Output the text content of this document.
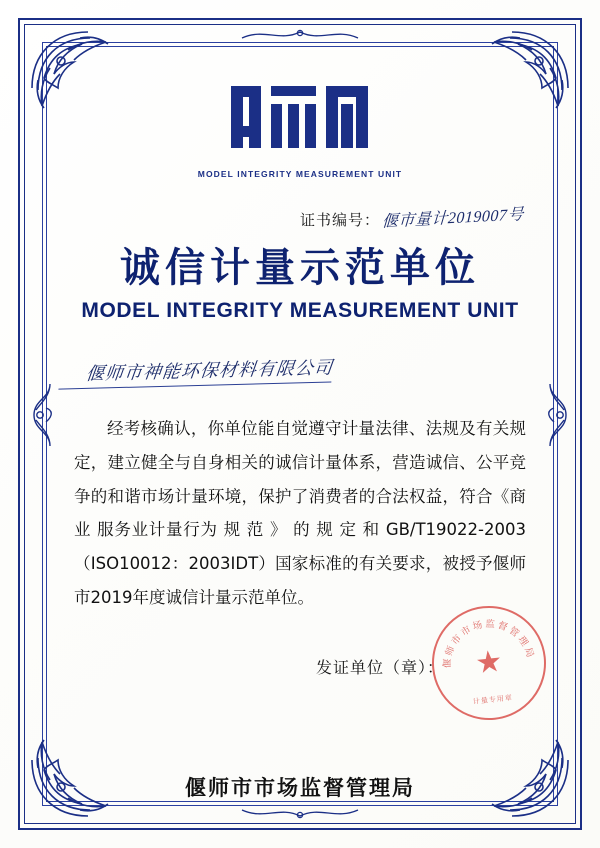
MODEL INTEGRITY MEASUREMENT UNIT
证书编号： 偃市量计2019007号
诚信计量示范单位
MODEL INTEGRITY MEASUREMENT UNIT
偃师市神能环保材料有限公司
经考核确认，你单位能自觉遵守计量法律、法规及有关规定，建立健全与自身相关的诚信计量体系，营造诚信、公平竞争的和谐市场计量环境，保护了消费者的合法权益，符合《商业 服务业计量行为 规 范 》 的 规 定 和 GB/T19022-2003（ISO10012：2003IDT）国家标准的有关要求，被授予偃师市2019年度诚信计量示范单位。
发证单位（章）：
偃师市市场监督管理局
★
计量专用章
偃师市市场监督管理局
